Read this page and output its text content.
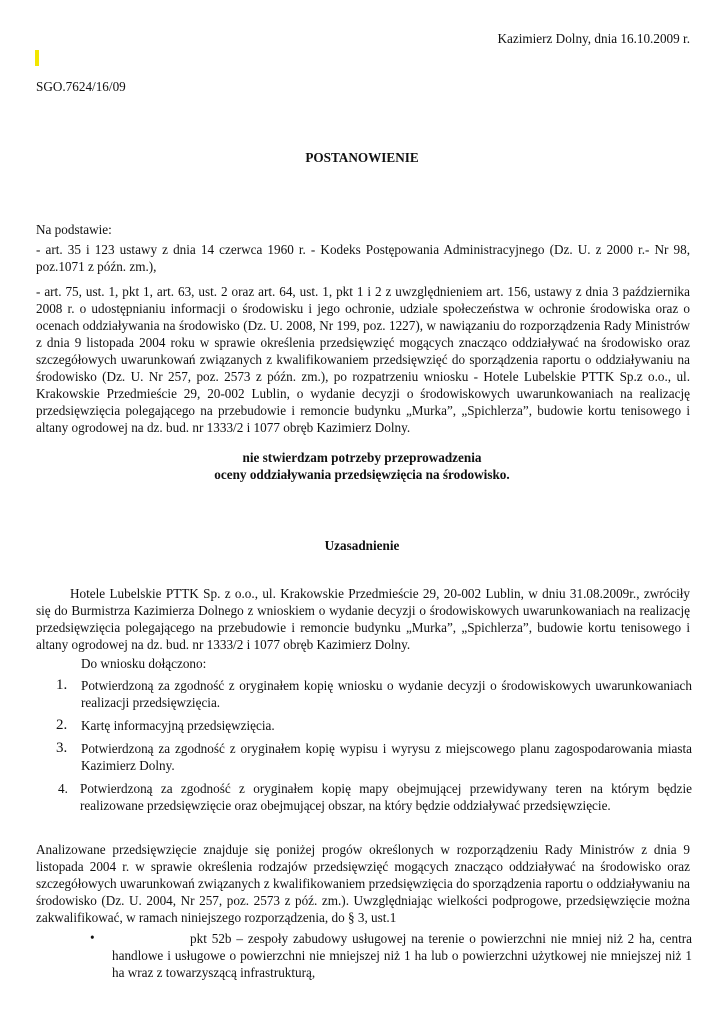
Kazimierz Dolny, dnia 16.10.2009 r.
SGO.7624/16/09
POSTANOWIENIE
Na podstawie:
- art. 35 i 123 ustawy z dnia 14 czerwca 1960 r. - Kodeks Postępowania Administracyjnego (Dz. U. z 2000 r.- Nr 98, poz.1071 z późn. zm.),
- art. 75, ust. 1, pkt 1, art. 63, ust. 2 oraz art. 64, ust. 1, pkt 1 i 2 z uwzględnieniem art. 156, ustawy z dnia 3 października 2008 r. o udostępnianiu informacji o środowisku i jego ochronie, udziale społeczeństwa w ochronie środowiska oraz o ocenach oddziaływania na środowisko (Dz. U. 2008, Nr 199, poz. 1227), w nawiązaniu do rozporządzenia Rady Ministrów z dnia 9 listopada 2004 roku w sprawie określenia przedsięwzięć mogących znacząco oddziaływać na środowisko oraz szczegółowych uwarunkowań związanych z kwalifikowaniem przedsięwzięć do sporządzenia raportu o oddziaływaniu na środowisko (Dz. U. Nr 257, poz. 2573 z późn. zm.), po rozpatrzeniu wniosku - Hotele Lubelskie PTTK Sp.z o.o., ul. Krakowskie Przedmieście 29, 20-002 Lublin, o wydanie decyzji o środowiskowych uwarunkowaniach na realizację przedsięwzięcia polegającego na przebudowie i remoncie budynku „Murka”, „Spichlerza”, budowie kortu tenisowego i altany ogrodowej na dz. bud. nr 1333/2 i 1077 obręb Kazimierz Dolny.
nie stwierdzam potrzeby przeprowadzenia
oceny oddziaływania przedsięwzięcia na środowisko.
Uzasadnienie
Hotele Lubelskie PTTK Sp. z o.o., ul. Krakowskie Przedmieście 29, 20-002 Lublin, w dniu 31.08.2009r., zwróciły się do Burmistrza Kazimierza Dolnego z wnioskiem o wydanie decyzji o środowiskowych uwarunkowaniach na realizację przedsięwzięcia polegającego na przebudowie i remoncie budynku „Murka”, „Spichlerza”, budowie kortu tenisowego i altany ogrodowej na dz. bud. nr 1333/2 i 1077 obręb Kazimierz Dolny.
Do wniosku dołączono:
1. Potwierdzoną za zgodność z oryginałem kopię wniosku o wydanie decyzji o środowiskowych uwarunkowaniach realizacji przedsięwzięcia.
2. Kartę informacyjną przedsięwzięcia.
3. Potwierdzoną za zgodność z oryginałem kopię wypisu i wyrysu z miejscowego planu zagospodarowania miasta Kazimierz Dolny.
4. Potwierdzoną za zgodność z oryginałem kopię mapy obejmującej przewidywany teren na którym będzie realizowane przedsięwzięcie oraz obejmującej obszar, na który będzie oddziaływać przedsięwzięcie.
Analizowane przedsięwzięcie znajduje się poniżej progów określonych w rozporządzeniu Rady Ministrów z dnia 9 listopada 2004 r. w sprawie określenia rodzajów przedsięwzięć mogących znacząco oddziaływać na środowisko oraz szczegółowych uwarunkowań związanych z kwalifikowaniem przedsięwzięcia do sporządzenia raportu o oddziaływaniu na środowisko (Dz. U. 2004, Nr 257, poz. 2573 z póź. zm.). Uwzględniając wielkości podprogowe, przedsięwzięcie można zakwalifikować, w ramach niniejszego rozporządzenia, do § 3, ust.1
•	pkt 52b – zespoły zabudowy usługowej na terenie o powierzchni nie mniej niż 2 ha, centra handlowe i usługowe o powierzchni nie mniejszej niż 1 ha lub o powierzchni użytkowej nie mniejszej niż 1 ha wraz z towarzyszącą infrastrukturą,
